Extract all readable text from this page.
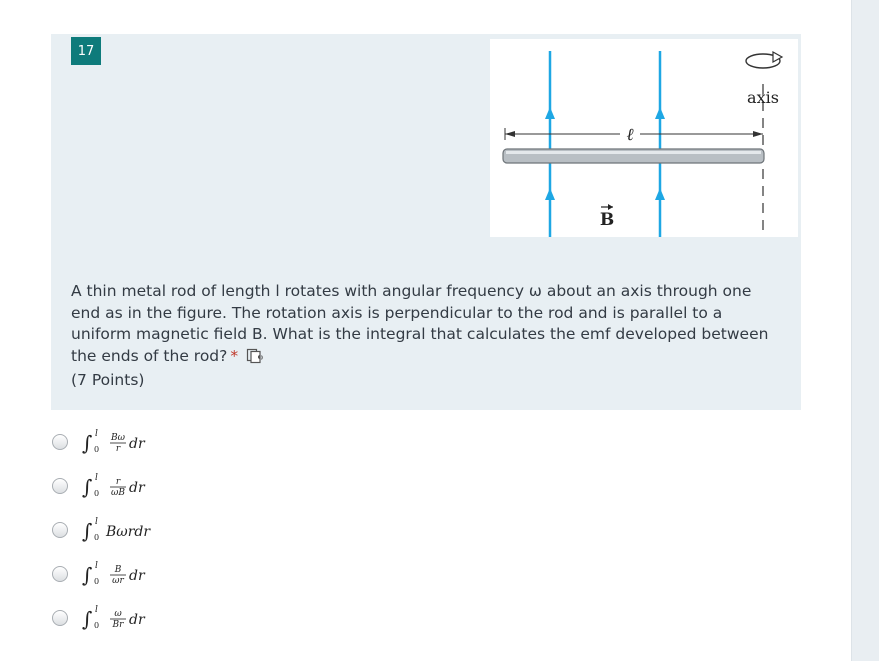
17
axis
ℓ
B
A thin metal rod of length l rotates with angular frequency ω about an axis through one end as in the figure. The rotation axis is perpendicular to the rod and is parallel to a uniform magnetic field B. What is the integral that calculates the emf developed between the ends of the rod? *
(7 Points)
∫ l
0
Bω
r dr
∫ l
0
r
ωB dr
∫ l
0 Bωrdr
∫ l
0
B
ωr dr
∫ l
0
ω
Br dr
